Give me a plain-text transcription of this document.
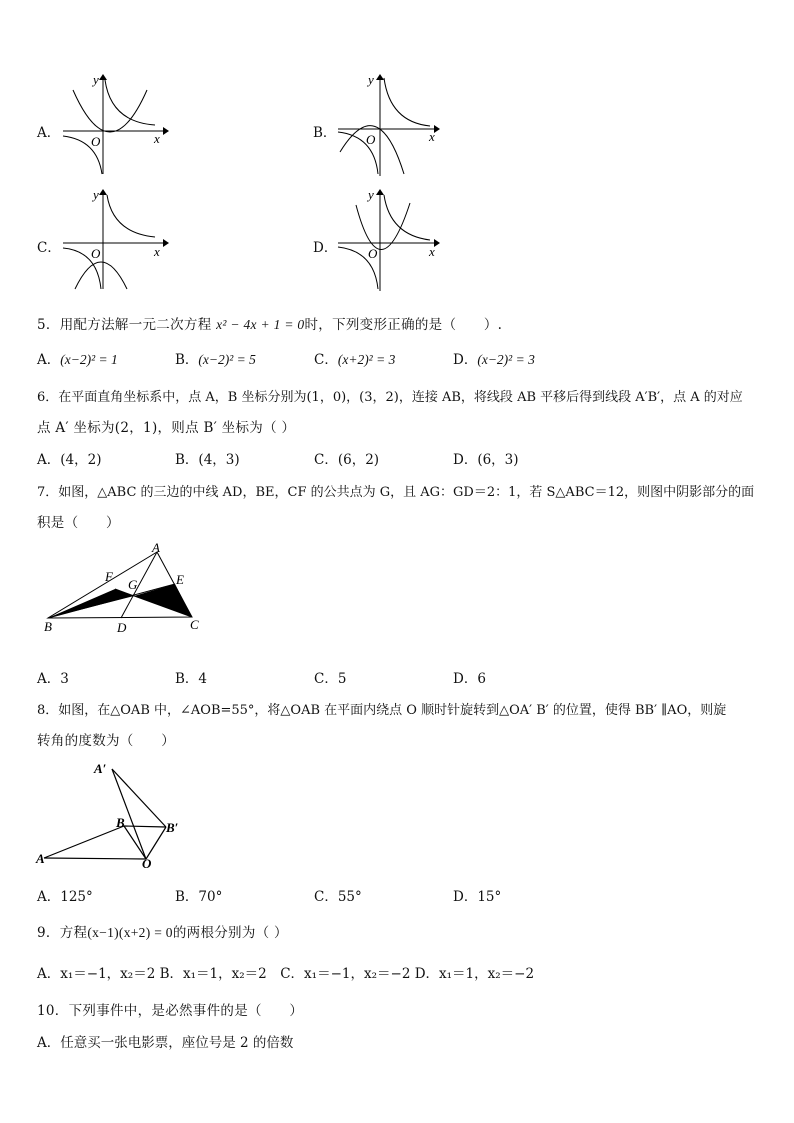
A．
y
x
O
B．
y
x
O
C．
y
x
O	D．
y
x
O
5．用配方法解一元二次方程 x² − 4x + 1 = 0时，下列变形正确的是（　　）.
A．(x−2)² = 1	B．(x−2)² = 5	C．(x+2)² = 3	D．(x−2)² = 3
6．在平面直角坐标系中，点 A，B 坐标分别为(1，0)，(3，2)，连接 AB，将线段 AB 平移后得到线段 A′B′，点 A 的对应
点 A′ 坐标为(2，1)，则点 B′ 坐标为（ ）
A．(4，2)	B．(4，3)	C．(6，2)	D．(6，3)
7．如图，△ABC 的三边的中线 AD，BE，CF 的公共点为 G，且 AG：GD＝2：1，若 S△ABC＝12，则图中阴影部分的面
积是（　　）
A
B	C
D
E
F
G
A．3	B．4	C．5	D．6
8．如图，在△OAB 中，∠AOB=55°，将△OAB 在平面内绕点 O 顺时针旋转到△OA′ B′ 的位置，使得 BB′ ∥AO，则旋
转角的度数为（　　）
A′
B	B′
A	O
A．125°	B．70°	C．55°	D．15°
9．方程(x−1)(x+2) = 0的两根分别为（ ）
A．x₁＝−1，x₂＝2 B．x₁＝1，x₂＝2　C．x₁＝−1，x₂＝−2 D．x₁＝1，x₂＝−2
10．下列事件中，是必然事件的是（　　）
A．任意买一张电影票，座位号是 2 的倍数
